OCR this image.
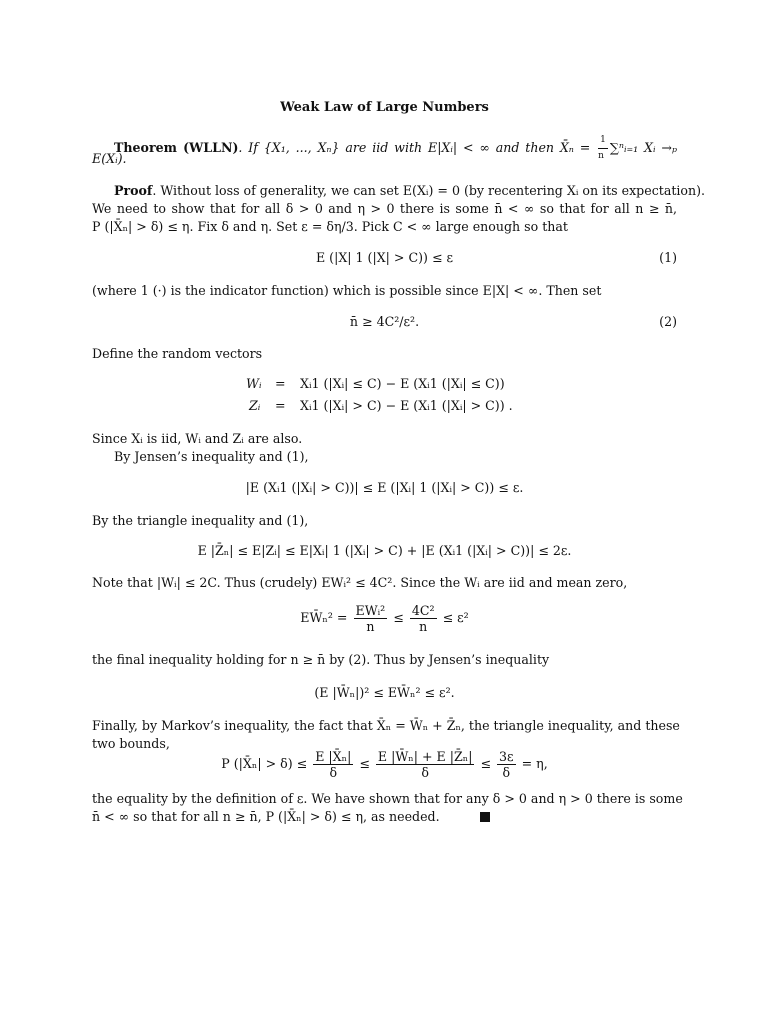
Weak Law of Large Numbers
Theorem (WLLN). If {X₁, ..., Xₙ} are iid with E|Xᵢ| < ∞ and then X̄ₙ = $\frac{1}{n}$ ∑ⁿᵢ₌₁ Xᵢ →ₚ
E(Xᵢ).
Proof. Without loss of generality, we can set E(Xᵢ) = 0 (by recentering Xᵢ on its expectation).
We need to show that for all δ > 0 and η > 0 there is some n̄ < ∞ so that for all n ≥ n̄,
P (|X̄ₙ| > δ) ≤ η. Fix δ and η. Set ε = δη/3. Pick C < ∞ large enough so that
E (|X| 1 (|X| > C)) ≤ ε	(1)
(where 1 (·) is the indicator function) which is possible since E|X| < ∞. Then set
n̄ ≥ 4C²/ε².	(2)
Define the random vectors
Wᵢ = Xᵢ1 (|Xᵢ| ≤ C) − E (Xᵢ1 (|Xᵢ| ≤ C))
Zᵢ = Xᵢ1 (|Xᵢ| > C) − E (Xᵢ1 (|Xᵢ| > C)) .
Since Xᵢ is iid, Wᵢ and Zᵢ are also.
By Jensen’s inequality and (1),
|E (Xᵢ1 (|Xᵢ| > C))| ≤ E (|Xᵢ| 1 (|Xᵢ| > C)) ≤ ε.
By the triangle inequality and (1),
E |Z̄ₙ| ≤ E|Zᵢ| ≤ E|Xᵢ| 1 (|Xᵢ| > C) + |E (Xᵢ1 (|Xᵢ| > C))| ≤ 2ε.
Note that |Wᵢ| ≤ 2C. Thus (crudely) EWᵢ² ≤ 4C². Since the Wᵢ are iid and mean zero,
EW̄ₙ² = $\frac{\text{EWᵢ²}}{n} \le \frac{\text{4C²}}{n} \le \varepsilon^2$
the final inequality holding for n ≥ n̄ by (2). Thus by Jensen’s inequality
(E |W̄ₙ|)² ≤ EW̄ₙ² ≤ ε².
Finally, by Markov’s inequality, the fact that X̄ₙ = W̄ₙ + Z̄ₙ, the triangle inequality, and these
two bounds,
P (|X̄ₙ| > $\delta) \le \frac{\text{E |X̄ₙ|}}{\delta} \le \frac{\text{E |W̄ₙ| + E |Z̄ₙ|}}{\delta} \le \frac{3\varepsilon}{\delta} = \eta$,
the equality by the definition of ε. We have shown that for any δ > 0 and η > 0 there is some
n̄ < ∞ so that for all n ≥ n̄, P (|X̄ₙ| > δ) ≤ η, as needed.
